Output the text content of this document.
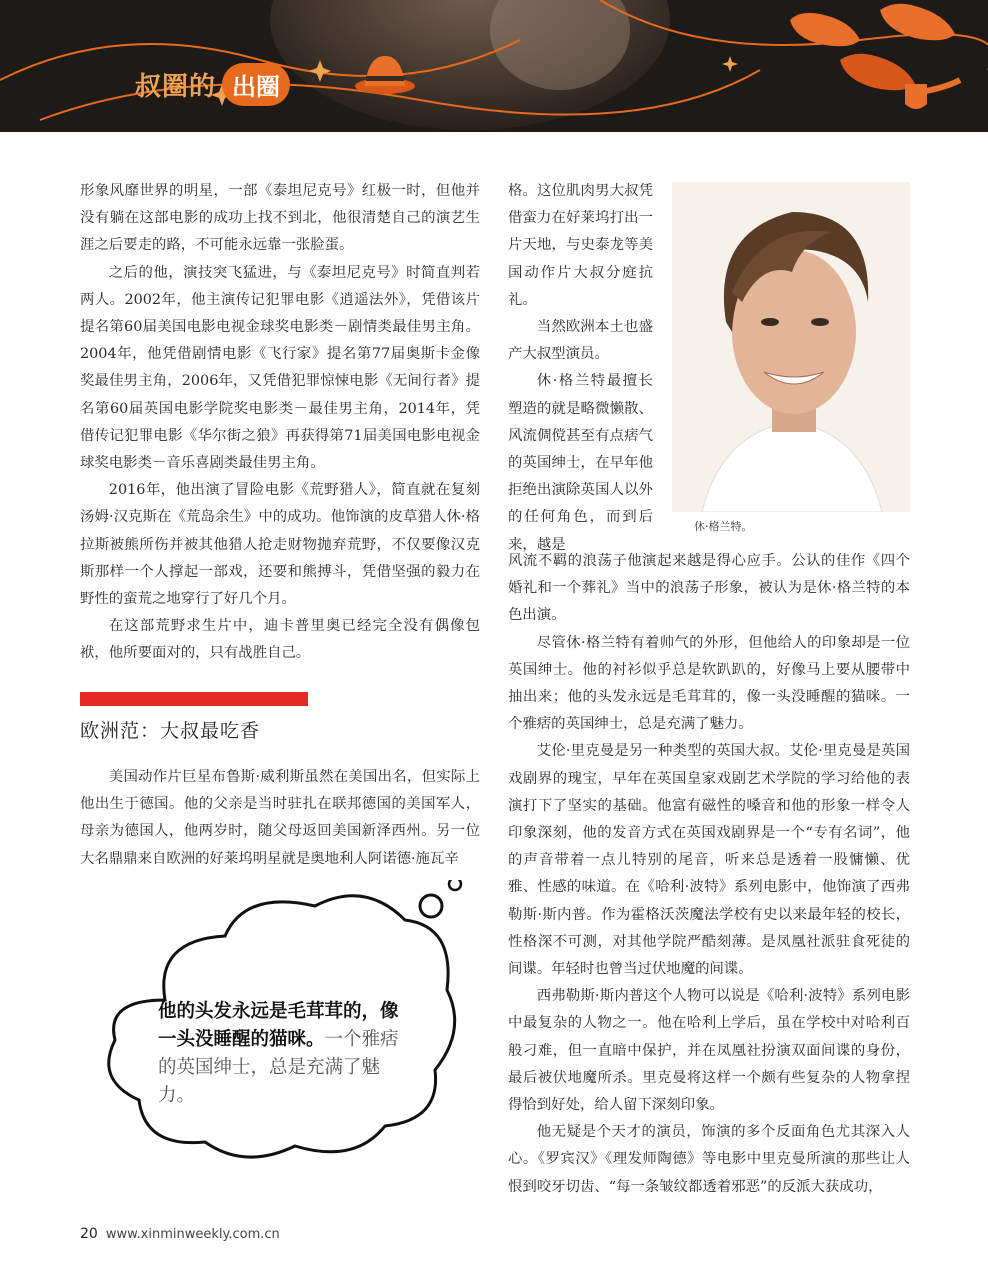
叔圈的 出圈

形象风靡世界的明星，一部《泰坦尼克号》红极一时，但他并没有躺在这部电影的成功上找不到北，他很清楚自己的演艺生涯之后要走的路，不可能永远靠一张脸蛋。

之后的他，演技突飞猛进，与《泰坦尼克号》时简直判若两人。2002年，他主演传记犯罪电影《逍遥法外》，凭借该片提名第60届美国电影电视金球奖电影类－剧情类最佳男主角。2004年，他凭借剧情电影《飞行家》提名第77届奥斯卡金像奖最佳男主角，2006年，又凭借犯罪惊悚电影《无间行者》提名第60届英国电影学院奖电影类－最佳男主角，2014年，凭借传记犯罪电影《华尔街之狼》再获得第71届美国电影电视金球奖电影类－音乐喜剧类最佳男主角。

2016年，他出演了冒险电影《荒野猎人》，简直就在复刻汤姆·汉克斯在《荒岛余生》中的成功。他饰演的皮草猎人休·格拉斯被熊所伤并被其他猎人抢走财物抛弃荒野，不仅要像汉克斯那样一个人撑起一部戏，还要和熊搏斗，凭借坚强的毅力在野性的蛮荒之地穿行了好几个月。

在这部荒野求生片中，迪卡普里奥已经完全没有偶像包袱，他所要面对的，只有战胜自己。

欧洲范：大叔最吃香

美国动作片巨星布鲁斯·威利斯虽然在美国出名，但实际上他出生于德国。他的父亲是当时驻扎在联邦德国的美国军人，母亲为德国人，他两岁时，随父母返回美国新泽西州。另一位大名鼎鼎来自欧洲的好莱坞明星就是奥地利人阿诺德·施瓦辛

格。这位肌肉男大叔凭借蛮力在好莱坞打出一片天地，与史泰龙等美国动作片大叔分庭抗礼。

当然欧洲本土也盛产大叔型演员。

休·格兰特最擅长塑造的就是略微懒散、风流倜傥甚至有点痞气的英国绅士，在早年他拒绝出演除英国人以外的任何角色，而到后来，越是

休·格兰特。

风流不羁的浪荡子他演起来越是得心应手。公认的佳作《四个婚礼和一个葬礼》当中的浪荡子形象，被认为是休·格兰特的本色出演。

尽管休·格兰特有着帅气的外形，但他给人的印象却是一位英国绅士。他的衬衫似乎总是软趴趴的，好像马上要从腰带中抽出来；他的头发永远是毛茸茸的，像一头没睡醒的猫咪。一个雅痞的英国绅士，总是充满了魅力。

艾伦·里克曼是另一种类型的英国大叔。艾伦·里克曼是英国戏剧界的瑰宝，早年在英国皇家戏剧艺术学院的学习给他的表演打下了坚实的基础。他富有磁性的嗓音和他的形象一样令人印象深刻，他的发音方式在英国戏剧界是一个“专有名词”，他的声音带着一点儿特别的尾音，听来总是透着一股慵懒、优雅、性感的味道。在《哈利·波特》系列电影中，他饰演了西弗勒斯·斯内普。作为霍格沃茨魔法学校有史以来最年轻的校长，性格深不可测，对其他学院严酷刻薄。是凤凰社派驻食死徒的间谍。年轻时也曾当过伏地魔的间谍。

西弗勒斯·斯内普这个人物可以说是《哈利·波特》系列电影中最复杂的人物之一。他在哈利上学后，虽在学校中对哈利百般刁难，但一直暗中保护，并在凤凰社扮演双面间谍的身份，最后被伏地魔所杀。里克曼将这样一个颇有些复杂的人物拿捏得恰到好处，给人留下深刻印象。

他无疑是个天才的演员，饰演的多个反面角色尤其深入人心。《罗宾汉》《理发师陶德》等电影中里克曼所演的那些让人恨到咬牙切齿、“每一条皱纹都透着邪恶”的反派大获成功，

他的头发永远是毛茸茸的，像一头没睡醒的猫咪。一个雅痞的英国绅士，总是充满了魅力。
20 www.xinminweekly.com.cn
